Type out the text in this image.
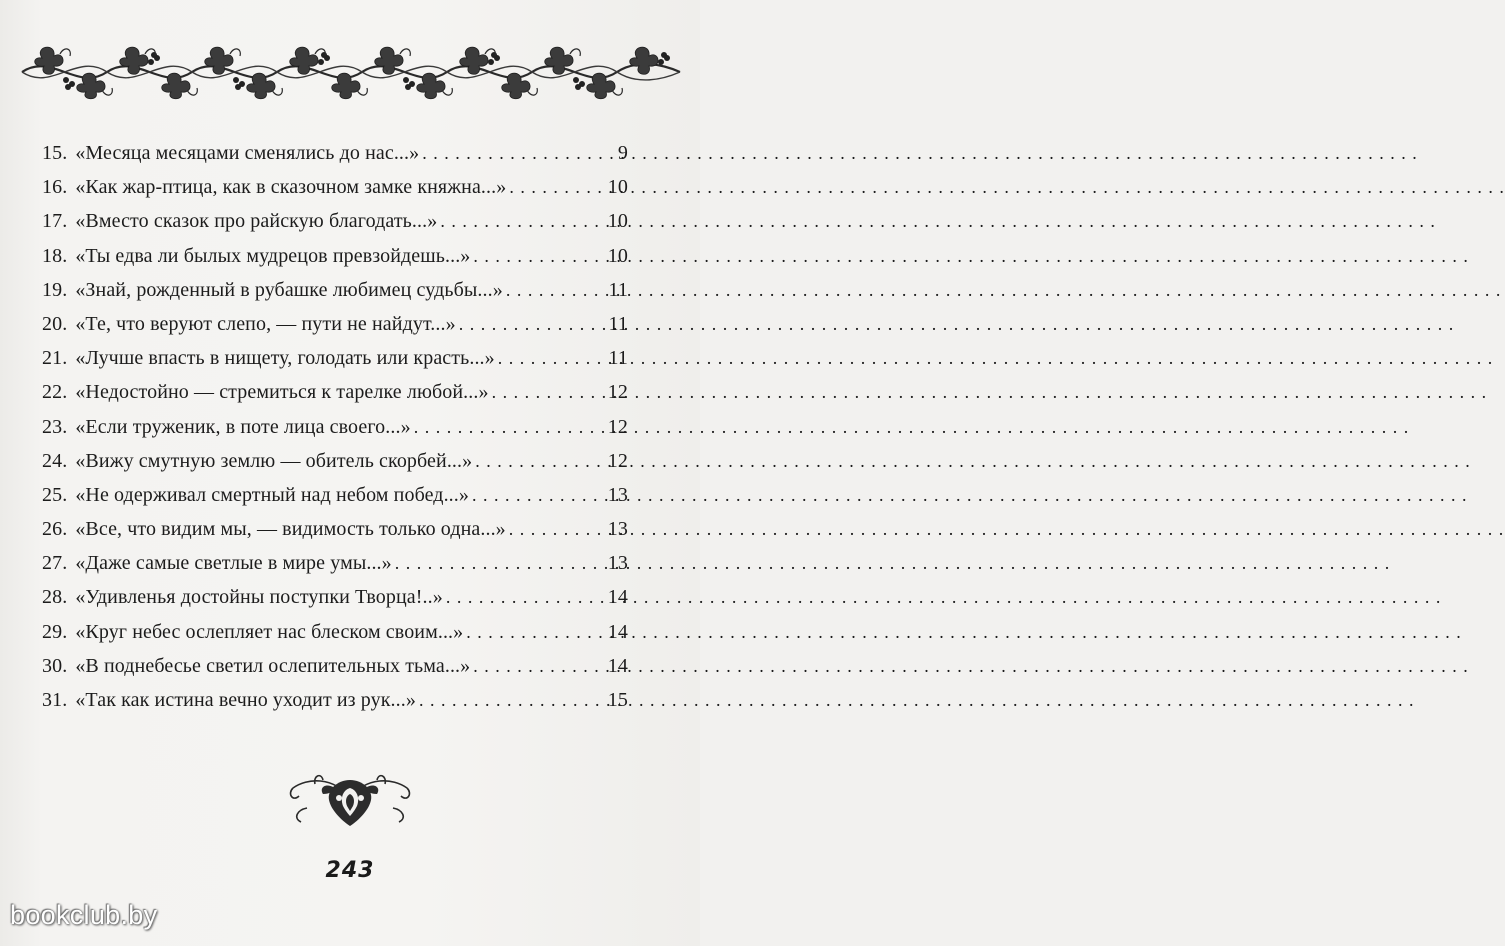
15. «Месяца месяцами сменялись до нас...» . . .	9
16. «Как жар-птица, как в сказочном замке княжна...» . . .	10
17. «Вместо сказок про райскую благодать...» . . .	10
18. «Ты едва ли былых мудрецов превзойдешь...» . . .	10
19. «Знай, рожденный в рубашке любимец судьбы...» . . .	11
20. «Те, что веруют слепо, — пути не найдут...» . . .	11
21. «Лучше впасть в нищету, голодать или красть...» . . .	11
22. «Недостойно — стремиться к тарелке любой...» . . .	12
23. «Если труженик, в поте лица своего...» . . .	12
24. «Вижу смутную землю — обитель скорбей...» . . .	12
25. «Не одерживал смертный над небом побед...» . . .	13
26. «Все, что видим мы, — видимость только одна...» . . .	13
27. «Даже самые светлые в мире умы...» . . .	13
28. «Удивленья достойны поступки Творца!..» . . .	14
29. «Круг небес ослепляет нас блеском своим...» . . .	14
30. «В поднебесье светил ослепительных тьма...» . . .	14
31. «Так как истина вечно уходит из рук...» . . .	15
243
bookclub.by
